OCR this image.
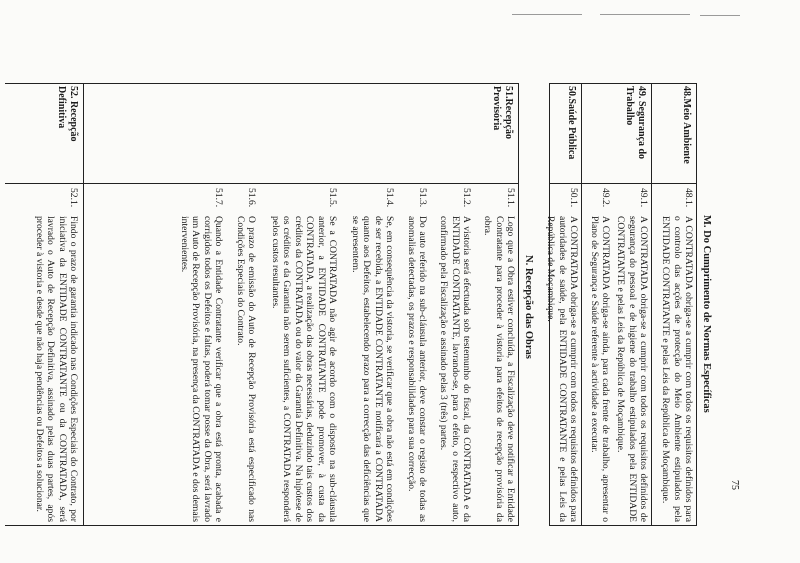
M. Do Cumprimento de Normas Específicas
48.Meio Ambiente
49. Segurança do Trabalho
50.Saúde Pública
48.1.
A CONTRATADA obriga-se a cumprir com todos os requisitos definidos para o controlo das acções de protecção do Meio Ambiente estipulados pela ENTIDADE CONTRATANTE e pelas Leis da República de Moçambique.
49.1.
A CONTRATADA obriga-se a cumprir com todos os requisitos definidos de segurança do pessoal e de higiene do trabalho estipulados pela ENTIDADE CONTRATANTE e pelas Leis da República de Moçambique.
49.2.
A CONTRATADA obriga-se ainda, para cada frente de trabalho, apresentar o Plano de Segurança e Saúde referente à actividade a executar.
50.1.
A CONTRATADA obriga-se a cumprir com todos os requisitos definidos para autoridades de saúde, pela ENTIDADE CONTRATANTE e pelas Leis da República de Moçambique.
N. Recepção das Obras
51.Recepção Provisória
52. Recepção Definitiva
51.1.
Logo que a Obra estiver concluída, a Fiscalização deve notificar a Entidade Contratante para proceder à vistoria para efeitos de recepção provisória da obra.
51.2.
A vistoria será efectuada sob testemunho do fiscal, da CONTRATADA e da ENTIDADE CONTRATANTE, lavrando-se, para o efeito, o respectivo auto, confirmado pela Fiscalização e assinado pelas 3 (três) partes.
51.3.
Do auto referido na sub-cláusula anterior, deve constar o registo de todas as anomalias detectadas, os prazos e responsabilidades para sua correcção.
51.4.
Se, em consequência da vistoria, se verificar que a obra não está em condições de ser recebida, a ENTIDADE CONTRATANTE notificará a CONTRATADA quanto aos Defeitos, estabelecendo prazo para a correcção das deficiências que se apresentem.
51.5.
Se a CONTRATADA não agir de acordo com o disposto na sub-cláusula anterior, a ENTIDADE CONTRATANTE pode promover, à custa da CONTRATADA, a realização das obras necessárias, deduzindo tais custos dos créditos da CONTRATADA ou do valor da Garantia Definitiva. Na hipótese de os créditos e da Garantia não serem suficientes, a CONTRATADA responderá pelos custos resultantes.
51.6.
O prazo de emissão do Auto de Recepção Provisória está especificado nas Condições Especiais do Contrato.
51.7.
Quando a Entidade Contratante verificar que a obra está pronta, acabada e corrigidos todos os Defeitos e faltas, poderá tomar posse da Obra, será lavrado um Auto de Recepção Provisória, na presença da CONTRATADA e dos demais intervenientes.
52.1.
Findo o prazo de garantia indicado nas Condições Especiais do Contrato, por iniciativa da ENTIDADE CONTRATANTE ou da CONTRATADA, será lavrado o Auto de Recepção Definitiva, assinado pelas duas partes, após proceder à vistoria e desde que não haja pendências ou Defeitos a solucionar.	75
